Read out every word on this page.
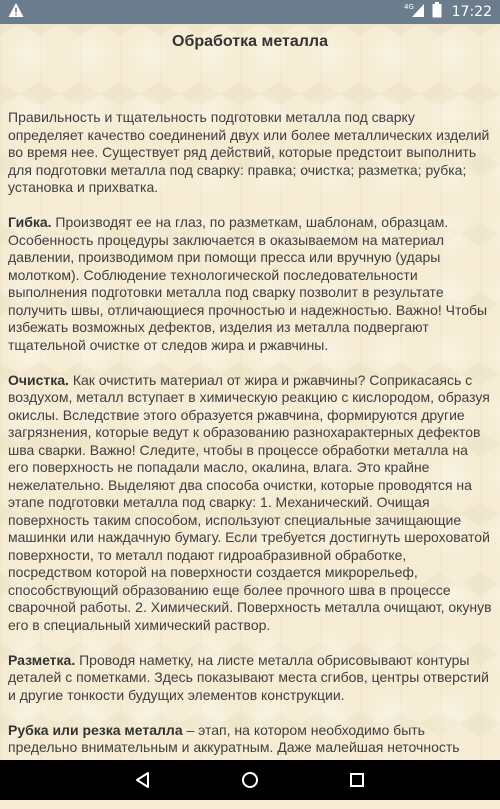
4G	17:22
Обработка металла

Правильность и тщательность подготовки металла под сварку определяет качество соединений двух или более металлических изделий во время нее. Существует ряд действий, которые предстоит выполнить для подготовки металла под сварку: правка; очистка; разметка; рубка; установка и прихватка.

Гибка. Производят ее на глаз, по разметкам, шаблонам, образцам. Особенность процедуры заключается в оказываемом на материал давлении, производимом при помощи пресса или вручную (удары молотком). Соблюдение технологической последовательности выполнения подготовки металла под сварку позволит в результате получить швы, отличающиеся прочностью и надежностью. Важно! Чтобы избежать возможных дефектов, изделия из металла подвергают тщательной очистке от следов жира и ржавчины.

Очистка. Как очистить материал от жира и ржавчины? Соприкасаясь с воздухом, металл вступает в химическую реакцию с кислородом, образуя окислы. Вследствие этого образуется ржавчина, формируются другие загрязнения, которые ведут к образованию разнохарактерных дефектов шва сварки. Важно! Следите, чтобы в процессе обработки металла на его поверхность не попадали масло, окалина, влага. Это крайне нежелательно. Выделяют два способа очистки, которые проводятся на этапе подготовки металла под сварку: 1. Механический. Очищая поверхность таким способом, используют специальные зачищающие машинки или наждачную бумагу. Если требуется достигнуть шероховатой поверхности, то металл подают гидроабразивной обработке, посредством которой на поверхности создается микрорельеф, способствующий образованию еще более прочного шва в процессе сварочной работы. 2. Химический. Поверхность металла очищают, окунув его в специальный химический раствор.

Разметка. Проводя наметку, на листе металла обрисовывают контуры деталей с пометками. Здесь показывают места сгибов, центры отверстий и другие тонкости будущих элементов конструкции.

Рубка или резка металла – этап, на котором необходимо быть предельно внимательным и аккуратным. Даже малейшая неточность
